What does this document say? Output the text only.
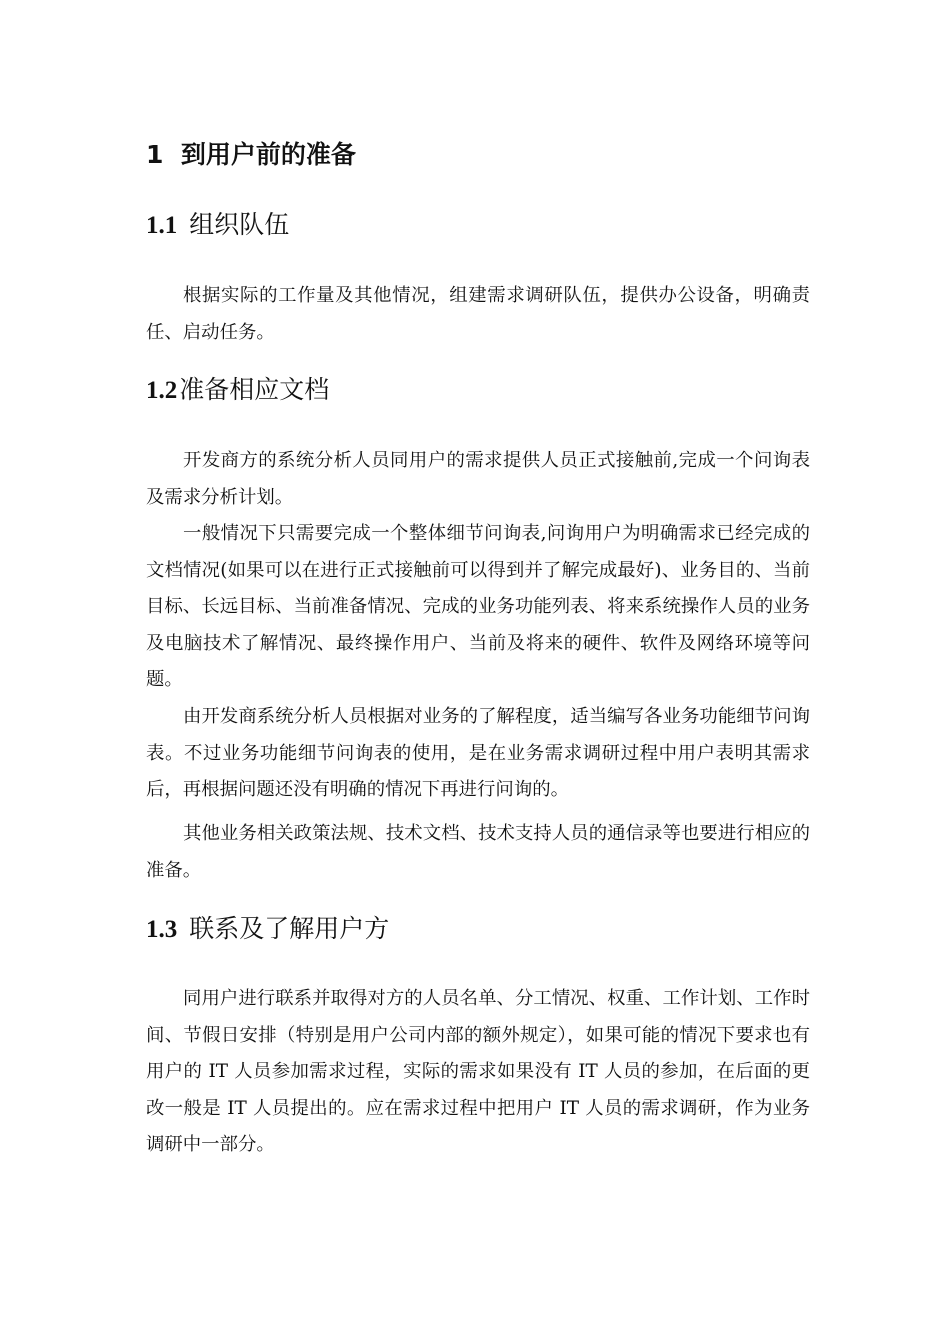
1 到用户前的准备
1.1 组织队伍

根据实际的工作量及其他情况，组建需求调研队伍，提供办公设备，明确责任、启动任务。

1.2准备相应文档

开发商方的系统分析人员同用户的需求提供人员正式接触前,完成一个问询表及需求分析计划。

一般情况下只需要完成一个整体细节问询表,问询用户为明确需求已经完成的文档情况(如果可以在进行正式接触前可以得到并了解完成最好)、业务目的、当前目标、长远目标、当前准备情况、完成的业务功能列表、将来系统操作人员的业务及电脑技术了解情况、最终操作用户、当前及将来的硬件、软件及网络环境等问题。

由开发商系统分析人员根据对业务的了解程度，适当编写各业务功能细节问询表。不过业务功能细节问询表的使用，是在业务需求调研过程中用户表明其需求后，再根据问题还没有明确的情况下再进行问询的。

其他业务相关政策法规、技术文档、技术支持人员的通信录等也要进行相应的准备。

1.3 联系及了解用户方

同用户进行联系并取得对方的人员名单、分工情况、权重、工作计划、工作时间、节假日安排（特别是用户公司内部的额外规定），如果可能的情况下要求也有用户的 IT 人员参加需求过程，实际的需求如果没有 IT 人员的参加，在后面的更改一般是 IT 人员提出的。应在需求过程中把用户 IT 人员的需求调研，作为业务调研中一部分。
